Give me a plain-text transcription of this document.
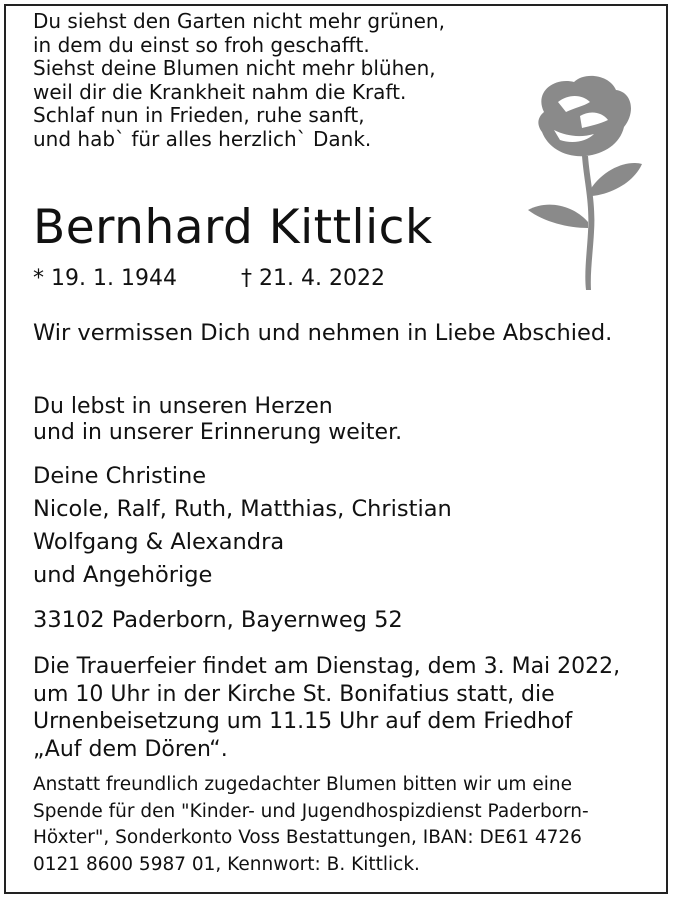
Du siehst den Garten nicht mehr grünen,
in dem du einst so froh geschafft.
Siehst deine Blumen nicht mehr blühen,
weil dir die Krankheit nahm die Kraft.
Schlaf nun in Frieden, ruhe sanft,
und hab` für alles herzlich` Dank.
Bernhard Kittlick
* 19. 1. 1944	† 21. 4. 2022
Wir vermissen Dich und nehmen in Liebe Abschied.
Du lebst in unseren Herzen
und in unserer Erinnerung weiter.
Deine Christine
Nicole, Ralf, Ruth, Matthias, Christian
Wolfgang & Alexandra
und Angehörige
33102 Paderborn, Bayernweg 52
Die Trauerfeier findet am Dienstag, dem 3. Mai 2022,
um 10 Uhr in der Kirche St. Bonifatius statt, die
Urnenbeisetzung um 11.15 Uhr auf dem Friedhof
„Auf dem Dören“.
Anstatt freundlich zugedachter Blumen bitten wir um eine
Spende für den "Kinder- und Jugendhospizdienst Paderborn-
Höxter", Sonderkonto Voss Bestattungen, IBAN: DE61 4726
0121 8600 5987 01, Kennwort: B. Kittlick.
